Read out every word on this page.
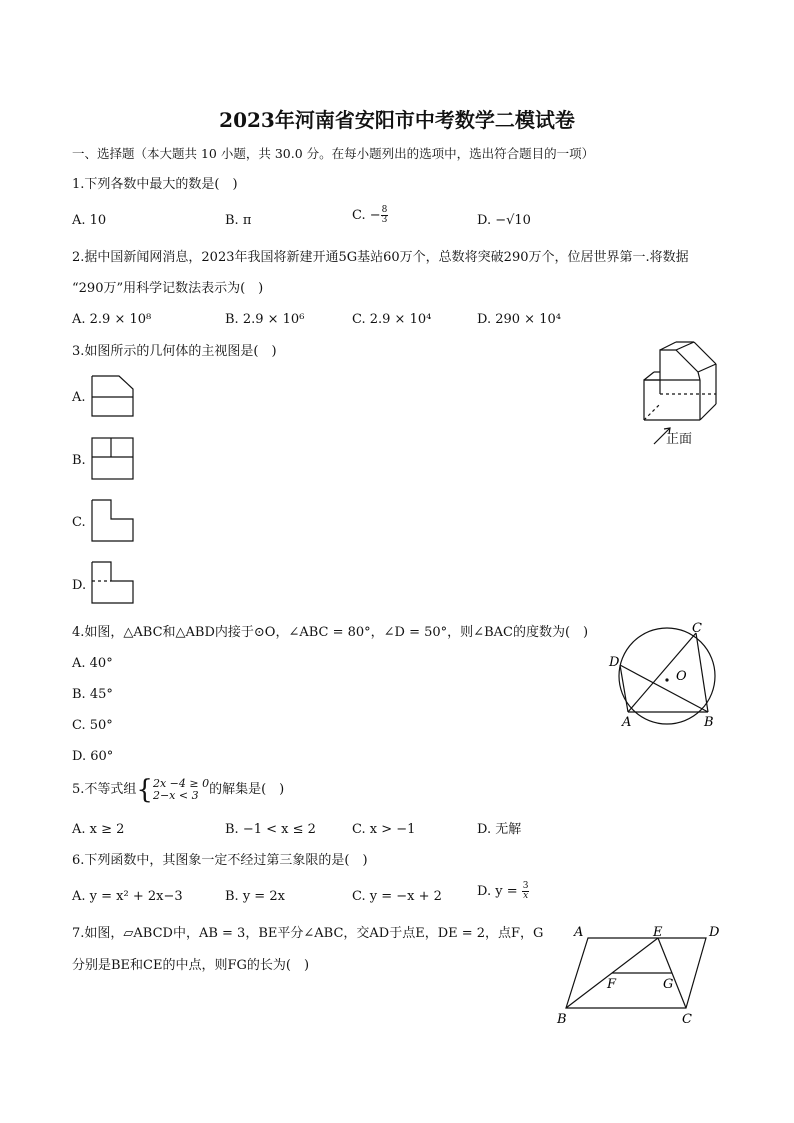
2023年河南省安阳市中考数学二模试卷
一、选择题（本大题共 10 小题，共 30.0 分。在每小题列出的选项中，选出符合题目的一项）
1.下列各数中最大的数是(　)
A. 10	B. π	C. − $\frac{8}{3}$	D. −√10
2.据中国新闻网消息，2023年我国将新建开通5G基站60万个，总数将突破290万个，位居世界第一.将数据
“290万”用科学记数法表示为(　)
A. 2.9 × 10⁸	B. 2.9 × 10⁶	C. 2.9 × 10⁴	D. 290 × 10⁴
3.如图所示的几何体的主视图是(　)
正面
A.
B.
C.
D.
4.如图，△ABC和△ABD内接于⊙O，∠ABC = 80°，∠D = 50°，则∠BAC的度数为(　)
A. 40°
B. 45°
C. 50°
D. 60°
C
D
O
A	B
5.不等式组{ 2x −4 ≥ 0
2−x < 3 的解集是(　)
A. x ≥ 2	B. −1 < x ≤ 2	C. x > −1	D. 无解
6.下列函数中，其图象一定不经过第三象限的是(　)
A. y = x² + 2x−3	B. y = 2x	C. y = −x + 2	D. $y = \frac{3}{x}$
7.如图，▱ABCD中，AB = 3，BE平分∠ABC，交AD于点E，DE = 2，点F，G
分别是BE和CE的中点，则FG的长为(　)
A	E	D
F	G
B	C
